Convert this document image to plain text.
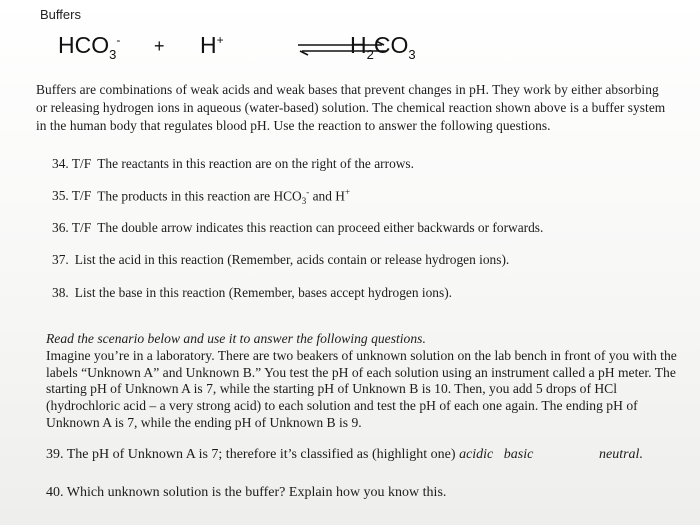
Buffers
$HCO_3^- + H^+$	$H_2CO_3$
Buffers are combinations of weak acids and weak bases that prevent changes in pH. They work by either absorbing or releasing hydrogen ions in aqueous (water-based) solution. The chemical reaction shown above is a buffer system in the human body that regulates blood pH. Use the reaction to answer the following questions.
34. T/F The reactants in this reaction are on the right of the arrows.
35. T/F The products in this reaction are $HCO_3^-$ and H+
36. T/F The double arrow indicates this reaction can proceed either backwards or forwards.
37. List the acid in this reaction (Remember, acids contain or release hydrogen ions).
38. List the base in this reaction (Remember, bases accept hydrogen ions).
Read the scenario below and use it to answer the following questions.
Imagine you’re in a laboratory. There are two beakers of unknown solution on the lab bench in front of you with the labels “Unknown A” and Unknown B.” You test the pH of each solution using an instrument called a pH meter. The starting pH of Unknown A is 7, while the starting pH of Unknown B is 10. Then, you add 5 drops of HCl (hydrochloric acid – a very strong acid) to each solution and test the pH of each one again. The ending pH of Unknown A is 7, while the ending pH of Unknown B is 9.
39. The pH of Unknown A is 7; therefore it’s classified as (highlight one) acidic basic	neutral.
40. Which unknown solution is the buffer? Explain how you know this.
